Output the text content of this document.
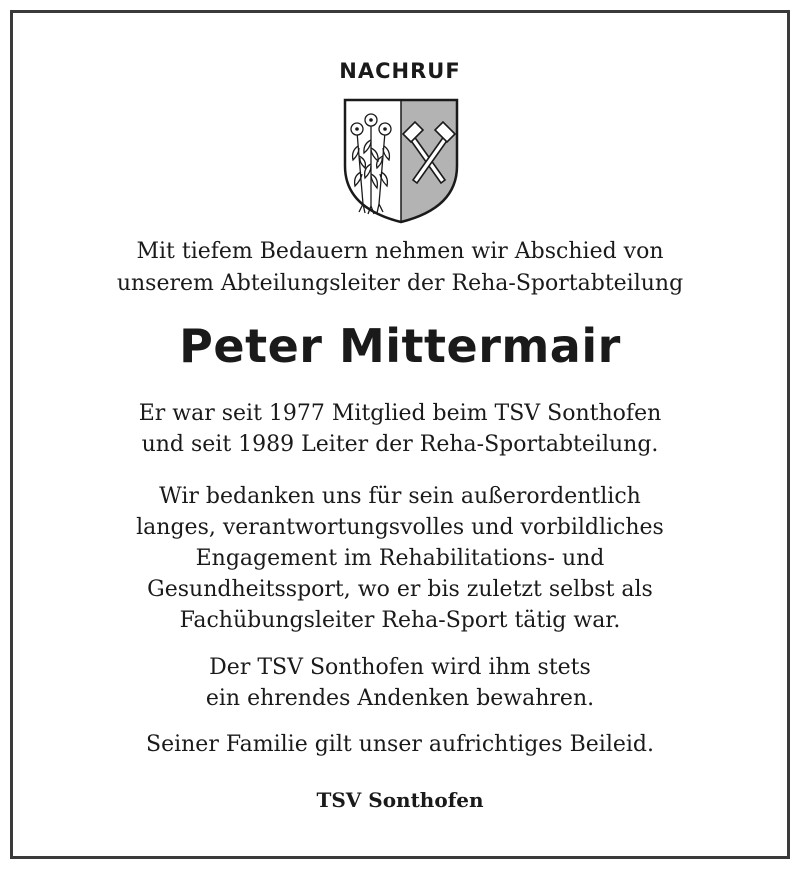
NACHRUF
Mit tiefem Bedauern nehmen wir Abschied von
unserem Abteilungsleiter der Reha-Sportabteilung
Peter Mittermair
Er war seit 1977 Mitglied beim TSV Sonthofen
und seit 1989 Leiter der Reha-Sportabteilung.
Wir bedanken uns für sein außerordentlich
langes, verantwortungsvolles und vorbildliches
Engagement im Rehabilitations- und
Gesundheitssport, wo er bis zuletzt selbst als
Fachübungsleiter Reha-Sport tätig war.
Der TSV Sonthofen wird ihm stets
ein ehrendes Andenken bewahren.
Seiner Familie gilt unser aufrichtiges Beileid.
TSV Sonthofen
